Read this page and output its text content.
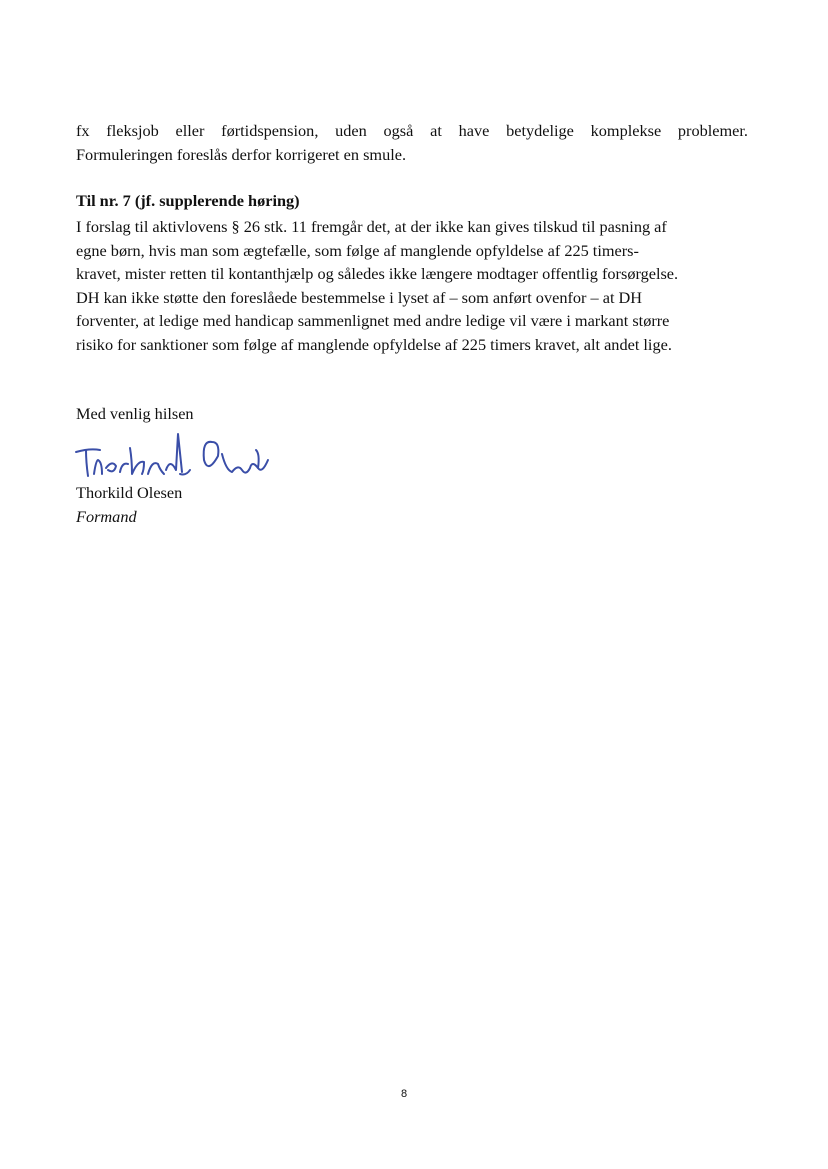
fx fleksjob eller førtidspension, uden også at have betydelige komplekse problemer.
Formuleringen foreslås derfor korrigeret en smule.

Til nr. 7 (jf. supplerende høring)

I forslag til aktivlovens § 26 stk. 11 fremgår det, at der ikke kan gives tilskud til pasning af
egne børn, hvis man som ægtefælle, som følge af manglende opfyldelse af 225 timers-
kravet, mister retten til kontanthjælp og således ikke længere modtager offentlig forsørgelse.
DH kan ikke støtte den foreslåede bestemmelse i lyset af – som anført ovenfor – at DH
forventer, at ledige med handicap sammenlignet med andre ledige vil være i markant større
risiko for sanktioner som følge af manglende opfyldelse af 225 timers kravet, alt andet lige.

Med venlig hilsen

Thorkild Olesen

Formand

8
